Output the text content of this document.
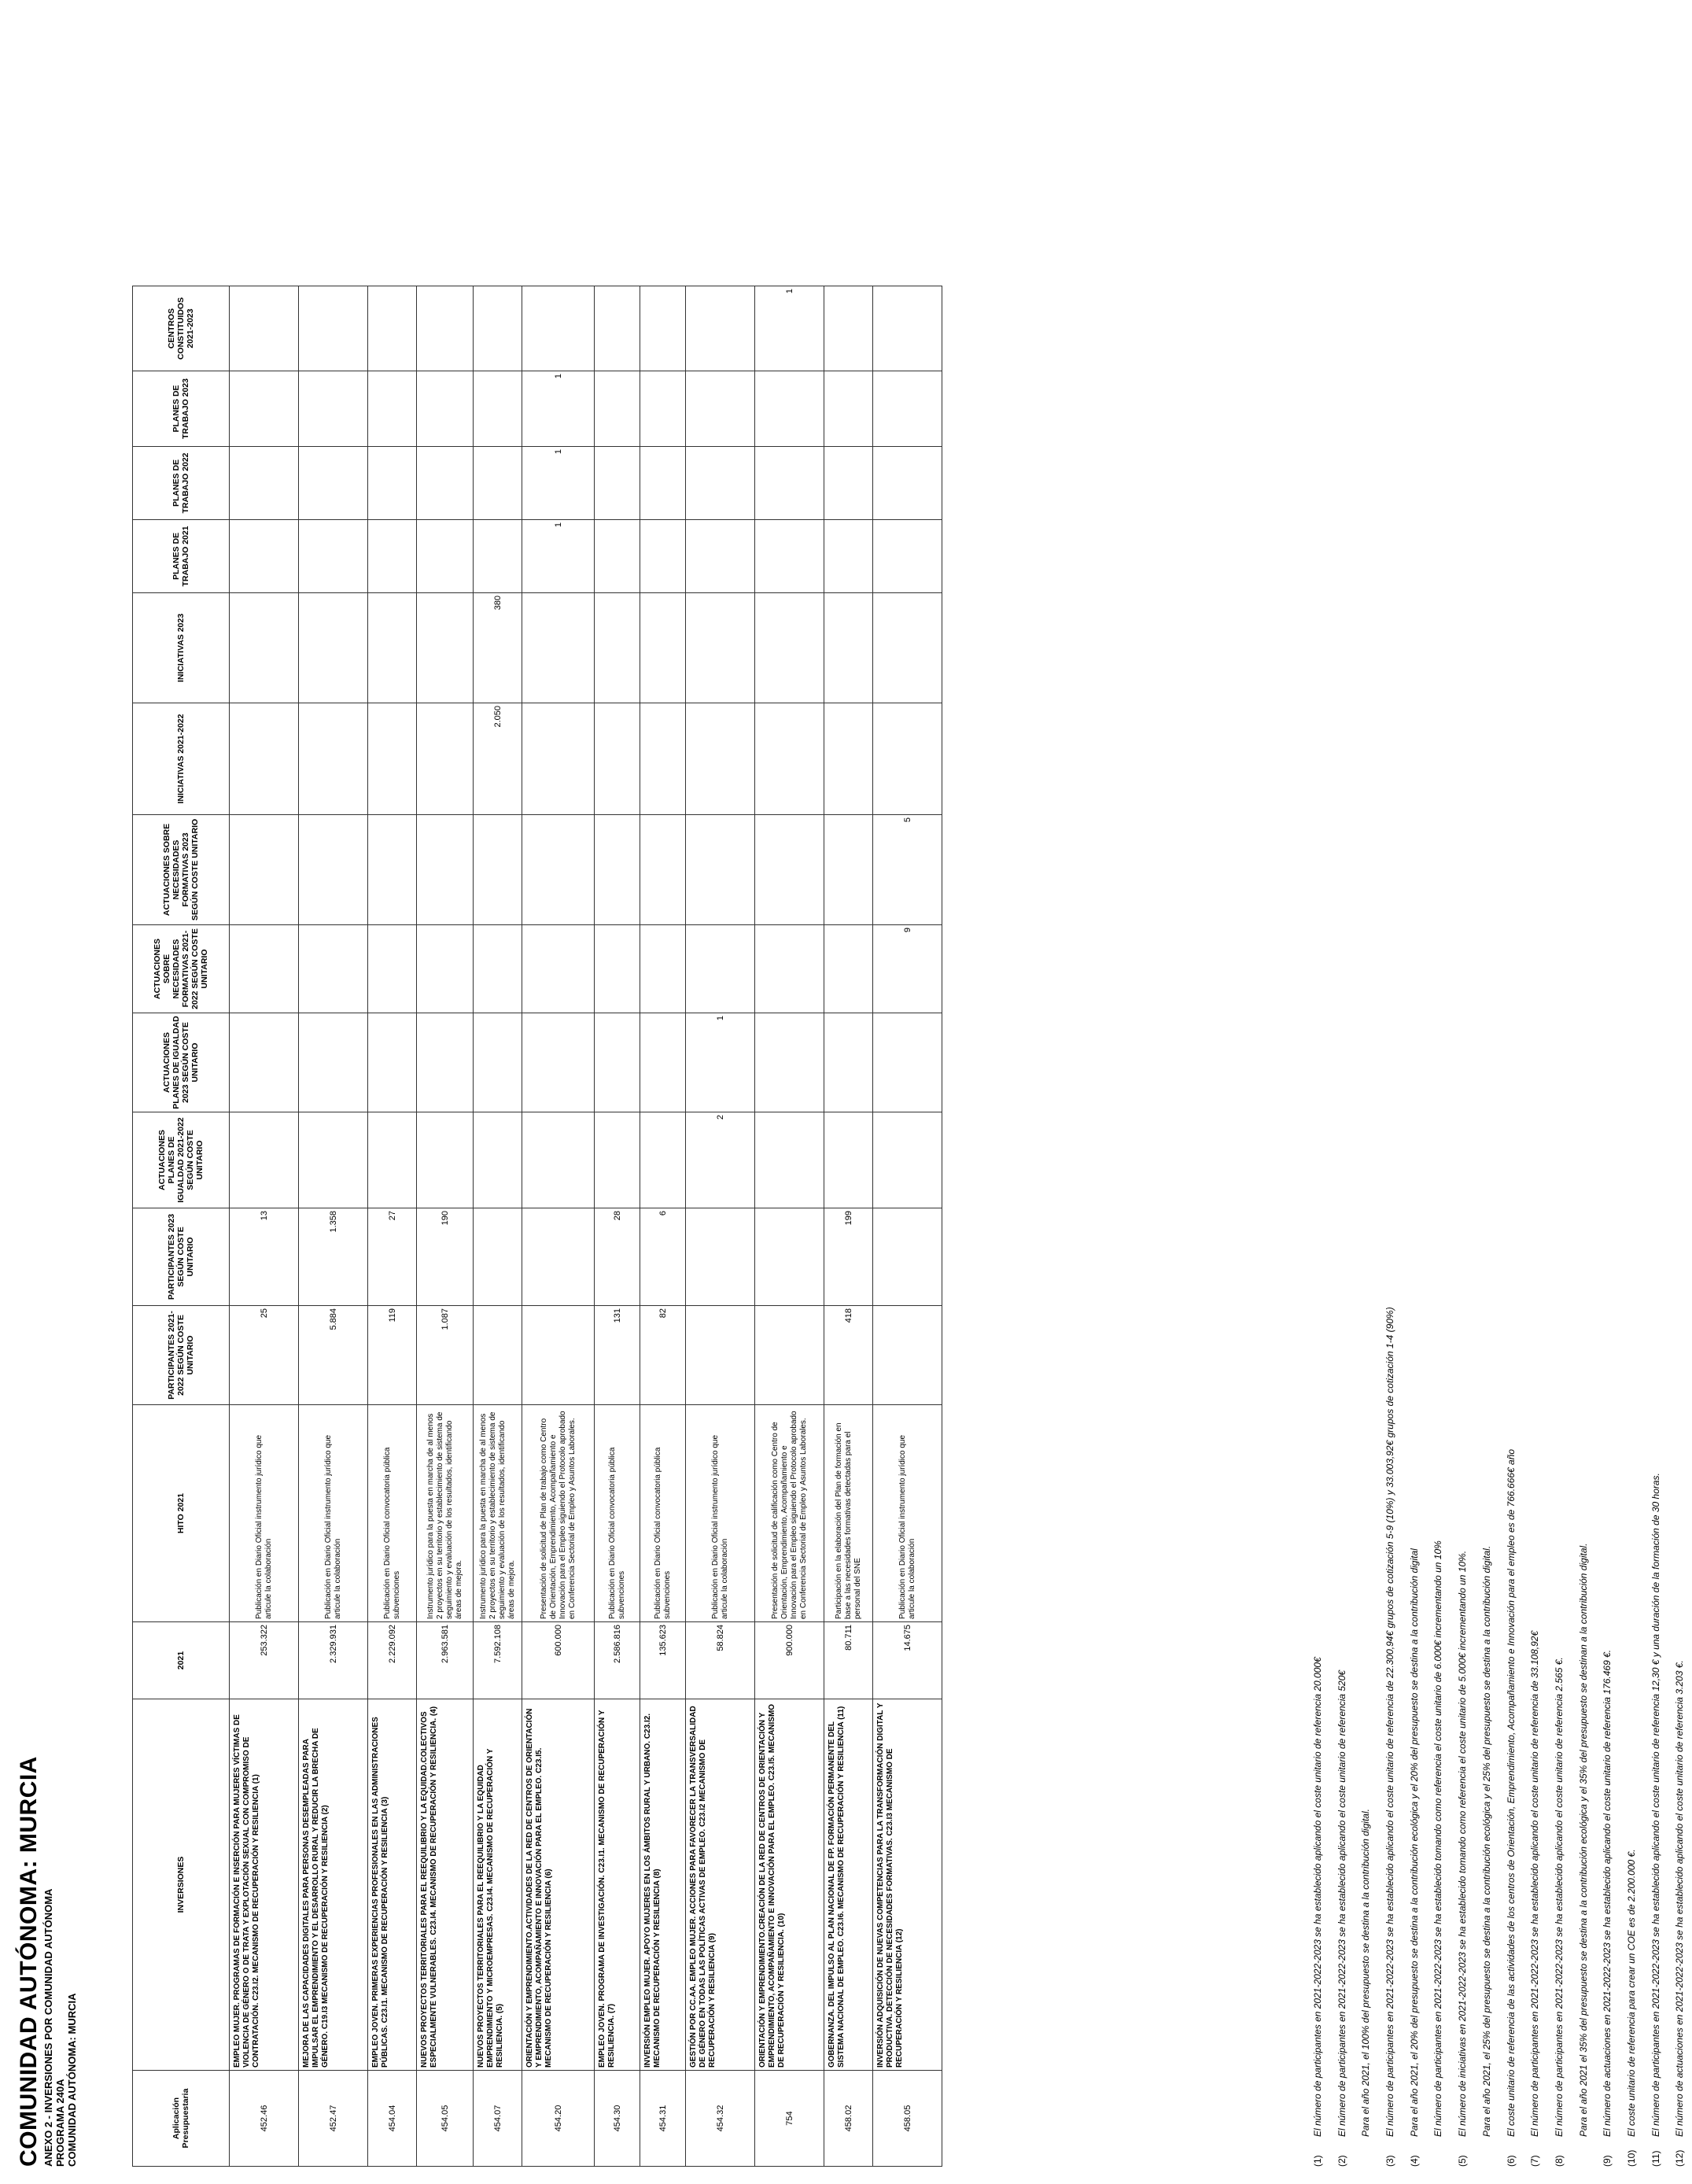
COMUNIDAD AUTÓNOMA: MURCIA ANEXO 2 - INVERSIONES POR COMUNIDAD AUTÓNOMA PROGRAMA 240A COMUNIDAD AUTÓNOMA: MURCIA	Aplicación Presupuestaria	INVERSIONES	2021	HITO 2021	PARTICIPANTES 2021-2022 SEGÚN COSTE UNITARIO	PARTICIPANTES 2023 SEGÚN COSTE UNITARIO	ACTUACIONES PLANES DE IGUALDAD 2021-2022 SEGÚN COSTE UNITARIO	ACTUACIONES PLANES DE IGUALDAD 2023 SEGÚN COSTE UNITARIO	ACTUACIONES SOBRE NECESIDADES FORMATIVAS 2021-2022 SEGÚN COSTE UNITARIO	ACTUACIONES SOBRE NECESIDADES FORMATIVAS 2023 SEGÚN COSTE UNITARIO	INICIATIVAS 2021-2022	INICIATIVAS 2023	PLANES DE TRABAJO 2021	PLANES DE TRABAJO 2022	PLANES DE TRABAJO 2023	CENTROS CONSTITUIDOS 2021-2023
452.46	EMPLEO MUJER. PROGRAMAS DE FORMACIÓN E INSERCIÓN PARA MUJERES VÍCTIMAS DE VIOLENCIA DE GÉNERO O DE TRATA Y EXPLOTACIÓN SEXUAL CON COMPROMISO DE CONTRATACIÓN. C23.I2. MECANISMO DE RECUPERACIÓN Y RESILIENCIA (1)	253.322	Publicación en Diario Oficial instrumento jurídico que articule la colaboración	25	13										
452.47	MEJORA DE LAS CAPACIDADES DIGITALES PARA PERSONAS DESEMPLEADAS PARA IMPULSAR EL EMPRENDIMIENTO Y EL DESARROLLO RURAL Y REDUCIR LA BRECHA DE GÉNERO. C19.I3 MECANISMO DE RECUPERACIÓN Y RESILIENCIA (2)	2.329.931	Publicación en Diario Oficial instrumento jurídico que articule la colaboración	5.884	1.358										
454.04	EMPLEO JOVEN. PRIMERAS EXPERIENCIAS PROFESIONALES EN LAS ADMINISTRACIONES PÚBLICAS. C23.I1. MECANISMO DE RECUPERACIÓN Y RESILIENCIA (3)	2.229.092	Publicación en Diario Oficial convocatoria pública subvenciones	119	27										
454.05	NUEVOS PROYECTOS TERRITORIALES PARA EL REEQUILIBRIO Y LA EQUIDAD.COLECTIVOS ESPECIALMENTE VULNERABLES. C23.I4. MECANISMO DE RECUPERACIÓN Y RESILIENCIA. (4)	2.963.581	Instrumento jurídico para la puesta en marcha de al menos 2 proyectos en su territorio y establecimiento de sistema de seguimiento y evaluación de los resultados, identificando áreas de mejora.	1.087	190										
454.07	NUEVOS PROYECTOS TERRITORIALES PARA EL REEQUILIBRIO Y LA EQUIDAD EMPRENDIMIENTO Y MICROEMPRESAS. C23.I4. MECANISMO DE RECUPERACIÓN Y RESILIENCIA. (5)	7.592.108	Instrumento jurídico para la puesta en marcha de al menos 2 proyectos en su territorio y establecimiento de sistema de seguimiento y evaluación de los resultados, identificando áreas de mejora.							2.050	380				
454.20	ORIENTACIÓN Y EMPRENDIMIENTO.ACTIVIDADES DE LA RED DE CENTROS DE ORIENTACIÓN Y EMPRENDIMIENTO, ACOMPAÑAMIENTO E INNOVACIÓN PARA EL EMPLEO. C23.I5. MECANISMO DE RECUPERACIÓN Y RESILIENCIA (6)	600.000	Presentación de solicitud de Plan de trabajo como Centro de Orientación, Emprendimiento, Acompañamiento e Innovación para el Empleo siguiendo el Protocolo aprobado en Conferencia Sectorial de Empleo y Asuntos Laborales.									1	1	1	
454.30	EMPLEO JOVEN. PROGRAMA DE INVESTIGACIÓN. C23.I1. MECANISMO DE RECUPERACIÓN Y RESILIENCIA. (7)	2.586.816	Publicación en Diario Oficial convocatoria pública subvenciones	131	28										
454.31	INVERSIÓN EMPLEO MUJER. APOYO MUJERES EN LOS ÁMBITOS RURAL Y URBANO. C23.I2. MECANISMO DE RECUPERACIÓN Y RESILIENCIA (8)	135.623	Publicación en Diario Oficial convocatoria pública subvenciones	82	6										
454.32	GESTIÓN POR CC.AA. EMPLEO MUJER. ACCIONES PARA FAVORECER LA TRANSVERSALIDAD DE GÉNERO EN TODAS LAS POLÍTICAS ACTIVAS DE EMPLEO. C23.I2 MECANISMO DE RECUPERACIÓN Y RESILIENCIA (9)	58.824	Publicación en Diario Oficial instrumento jurídico que articule la colaboración			2	1								
754	ORIENTACIÓN Y EMPRENDIMIENTO.CREACIÓN DE LA RED DE CENTROS DE ORIENTACIÓN Y EMPRENDIMIENTO, ACOMPAÑAMIENTO E INNOVACIÓN PARA EL EMPLEO. C23.I5. MECANISMO DE RECUPERACIÓN Y RESILIENCIA. (10)	900.000	Presentación de solicitud de calificación como Centro de Orientación, Emprendimiento, Acompañamiento e Innovación para el Empleo siguiendo el Protocolo aprobado en Conferencia Sectorial de Empleo y Asuntos Laborales.												1
458.02	GOBERNANZA. DEL IMPULSO AL PLAN NACIONAL DE FP. FORMACIÓN PERMANENTE DEL SISTEMA NACIONAL DE EMPLEO. C23.I6. MECANISMO DE RECUPERACIÓN Y RESILIENCIA (11)	80.711	Participación en la elaboración del Plan de formación en base a las necesidades formativas detectadas para el personal del SNE	418	199										
458.05	INVERSIÓN ADQUISICIÓN DE NUEVAS COMPETENCIAS PARA LA TRANSFORMACIÓN DIGITAL Y PRODUCTIVA. DETECCIÓN DE NECESIDADES FORMATIVAS. C23.I3 MECANISMO DE RECUPERACIÓN Y RESILIENCIA (12)	14.675	Publicación en Diario Oficial instrumento jurídico que articule la colaboración					9	5						
(1)
El número de participantes en 2021-2022-2023 se ha establecido aplicando el coste unitario de referencia 20.000€
(2)
El número de participantes en 2021-2022-2023 se ha establecido aplicando el coste unitario de referencia 520€	Para el año 2021, el 100% del presupuesto se destina a la contribución digital.
(3)
El número de participantes en 2021-2022-2023 se ha establecido aplicando el coste unitario de referencia de 22.300,94€ grupos de cotización 5-9 (10%) y 33.003,92€ grupos de cotización 1-4 (90%)
(4)
Para el año 2021, el 20% del presupuesto se destina a la contribución ecológica y el 20% del presupuesto se destina a la contribución digital	El número de participantes en 2021-2022-2023 se ha establecido tomando como referencia el coste unitario de 6.000€ incrementando un 10%
(5)
El número de iniciativas en 2021-2022-2023 se ha establecido tomando como referencia el coste unitario de 5.000€ incrementando un 10%.	Para el año 2021, el 25% del presupuesto se destina a la contribución ecológica y el 25% del presupuesto se destina a la contribución digital.
(6)
El coste unitario de referencia de las actividades de los centros de Orientación, Emprendimiento, Acompañamiento e Innovación para el empleo es de 766.666€ año
(7)
El número de participantes en 2021-2022-2023 se ha establecido aplicando el coste unitario de referencia de 33.108,92€
(8)
El número de participantes en 2021-2022-2023 se ha establecido aplicando el coste unitario de referencia 2.565 €.	Para el año 2021 el 35% del presupuesto se destina a la contribución ecológica y el 35% del presupuesto se destinan a la contribución digital.
(9)
El número de actuaciones en 2021-2022-2023 se ha establecido aplicando el coste unitario de referencia 176.469 €.
(10)
El coste unitario de referencia para crear un COE es de 2.200.000 €.
(11)
El número de participantes en 2021-2022-2023 se ha establecido aplicando el coste unitario de referencia 12,30 € y una duración de la formación de 30 horas.
(12)
El número de actuaciones en 2021-2022-2023 se ha establecido aplicando el coste unitario de referencia 3.203 €.
